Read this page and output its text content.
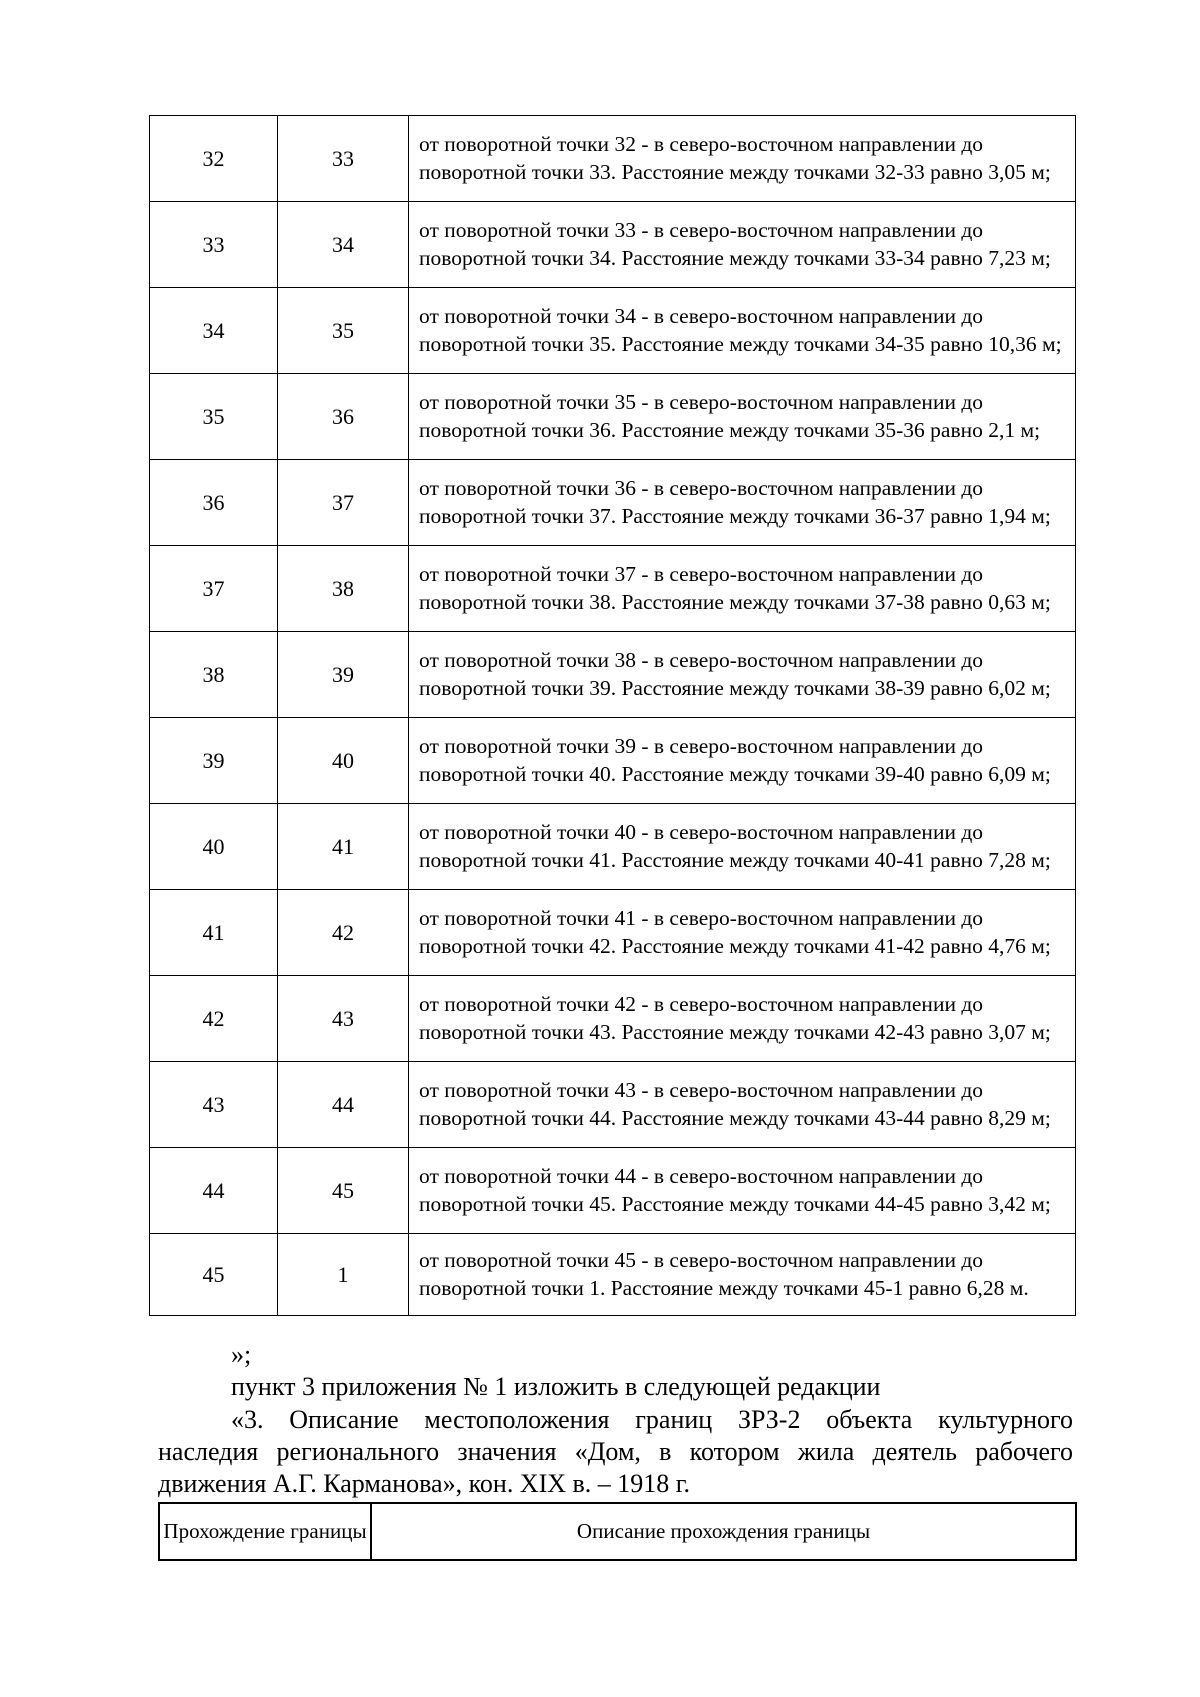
32	33	от поворотной точки 32 - в северо-восточном направлении до поворотной точки 33. Расстояние между точками 32-33 равно 3,05 м;
33	34	от поворотной точки 33 - в северо-восточном направлении до поворотной точки 34. Расстояние между точками 33-34 равно 7,23 м;
34	35	от поворотной точки 34 - в северо-восточном направлении до поворотной точки 35. Расстояние между точками 34-35 равно 10,36 м;
35	36	от поворотной точки 35 - в северо-восточном направлении до поворотной точки 36. Расстояние между точками 35-36 равно 2,1 м;
36	37	от поворотной точки 36 - в северо-восточном направлении до поворотной точки 37. Расстояние между точками 36-37 равно 1,94 м;
37	38	от поворотной точки 37 - в северо-восточном направлении до поворотной точки 38. Расстояние между точками 37-38 равно 0,63 м;
38	39	от поворотной точки 38 - в северо-восточном направлении до поворотной точки 39. Расстояние между точками 38-39 равно 6,02 м;
39	40	от поворотной точки 39 - в северо-восточном направлении до поворотной точки 40. Расстояние между точками 39-40 равно 6,09 м;
40	41	от поворотной точки 40 - в северо-восточном направлении до поворотной точки 41. Расстояние между точками 40-41 равно 7,28 м;
41	42	от поворотной точки 41 - в северо-восточном направлении до поворотной точки 42. Расстояние между точками 41-42 равно 4,76 м;
42	43	от поворотной точки 42 - в северо-восточном направлении до поворотной точки 43. Расстояние между точками 42-43 равно 3,07 м;
43	44	от поворотной точки 43 - в северо-восточном направлении до поворотной точки 44. Расстояние между точками 43-44 равно 8,29 м;
44	45	от поворотной точки 44 - в северо-восточном направлении до поворотной точки 45. Расстояние между точками 44-45 равно 3,42 м;
45	1	от поворотной точки 45 - в северо-восточном направлении до поворотной точки 1. Расстояние между точками 45-1 равно 6,28 м.
»;
пункт 3 приложения № 1 изложить в следующей редакции
«3. Описание местоположения границ ЗРЗ-2 объекта культурного
наследия регионального значения «Дом, в котором жила деятель рабочего
движения А.Г. Карманова», кон. XIX в. – 1918 г.
Прохождение границы	Описание прохождения границы
